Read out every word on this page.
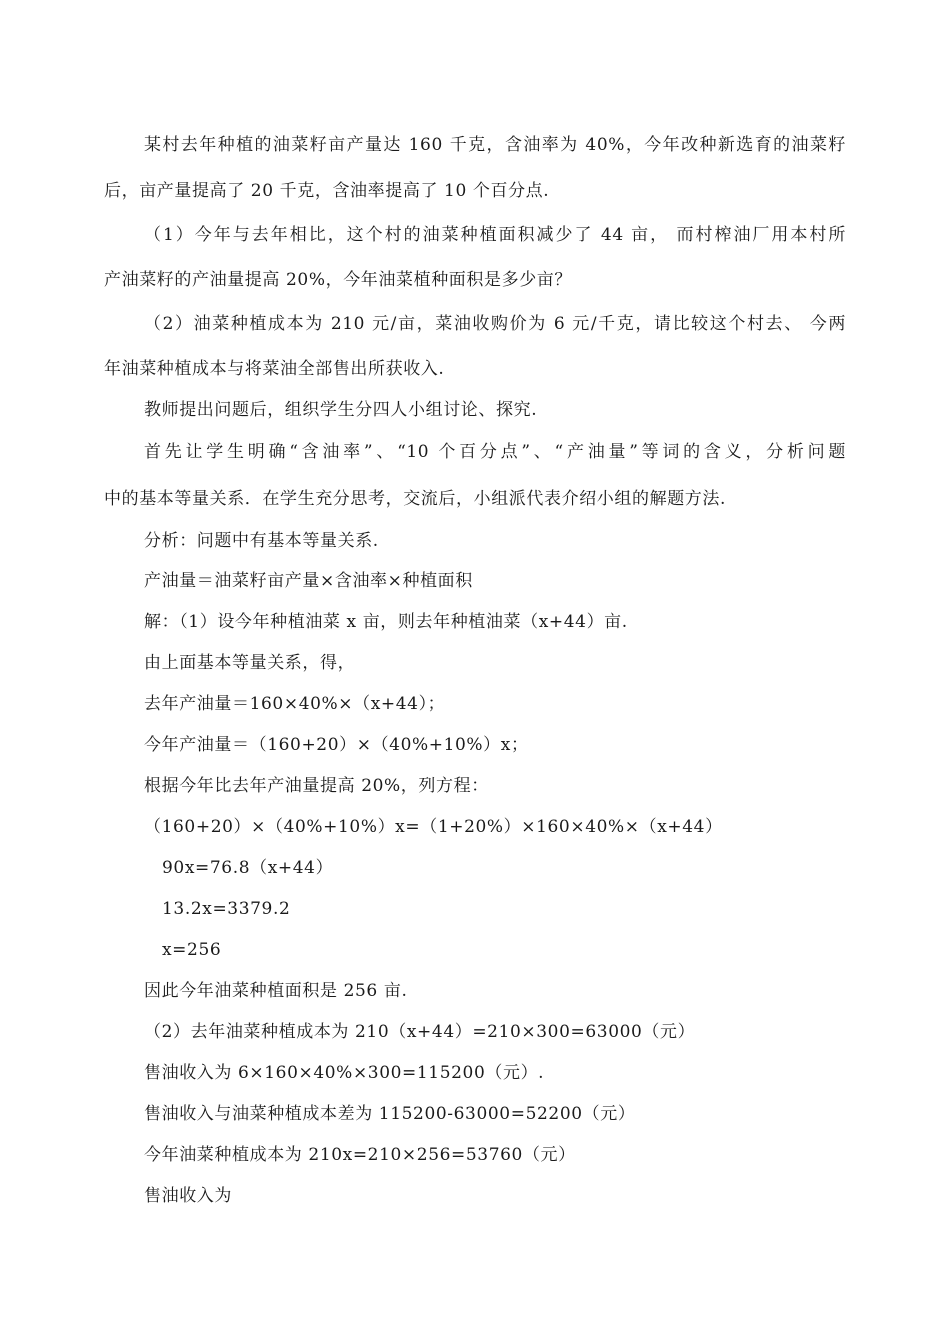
某村去年种植的油菜籽亩产量达 160 千克，含油率为 40%，今年改种新选育的油菜籽
后，亩产量提高了 20 千克，含油率提高了 10 个百分点.
（1）今年与去年相比，这个村的油菜种植面积减少了 44 亩， 而村榨油厂用本村所
产油菜籽的产油量提高 20%，今年油菜植种面积是多少亩？
（2）油菜种植成本为 210 元/亩，菜油收购价为 6 元/千克，请比较这个村去、 今两
年油菜种植成本与将菜油全部售出所获收入.
教师提出问题后，组织学生分四人小组讨论、探究.
首先让学生明确“含油率”、“10 个百分点”、“产油量”等词的含义，分析问题
中的基本等量关系．在学生充分思考，交流后，小组派代表介绍小组的解题方法.
分析：问题中有基本等量关系.
产油量＝油菜籽亩产量×含油率×种植面积
解：（1）设今年种植油菜 x 亩，则去年种植油菜（x+44）亩.
由上面基本等量关系，得，
去年产油量＝160×40%×（x+44）；
今年产油量＝（160+20）×（40%+10%）x；
根据今年比去年产油量提高 20%，列方程：
（160+20）×（40%+10%）x=（1+20%）×160×40%×（x+44）
90x=76.8（x+44）
13.2x=3379.2
x=256
因此今年油菜种植面积是 256 亩.
（2）去年油菜种植成本为 210（x+44）=210×300=63000（元）
售油收入为 6×160×40%×300=115200（元）.
售油收入与油菜种植成本差为 115200-63000=52200（元）
今年油菜种植成本为 210x=210×256=53760（元）
售油收入为
